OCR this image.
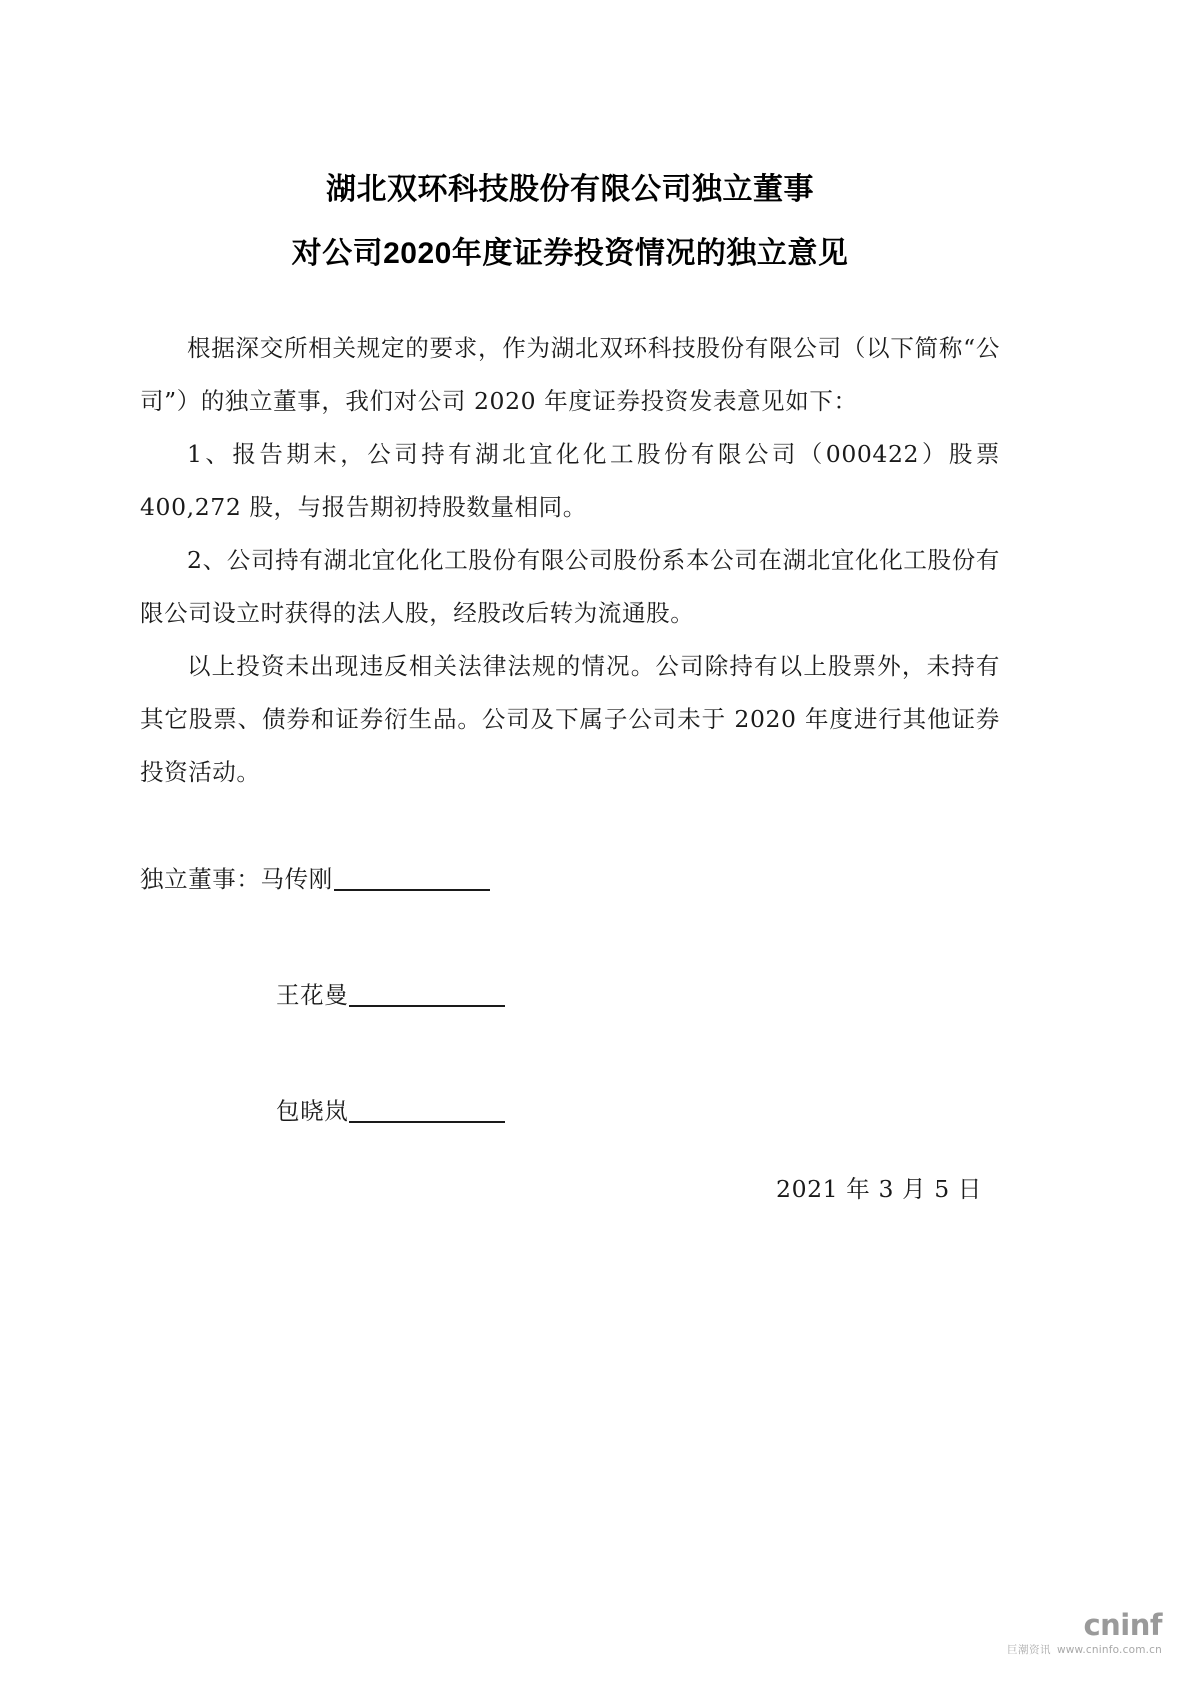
湖北双环科技股份有限公司独立董事
对公司2020年度证券投资情况的独立意见

根据深交所相关规定的要求，作为湖北双环科技股份有限公司（以下简称“公司”）的独立董事，我们对公司 2020 年度证券投资发表意见如下：

1、报告期末，公司持有湖北宜化化工股份有限公司（000422）股票400,272 股，与报告期初持股数量相同。

2、公司持有湖北宜化化工股份有限公司股份系本公司在湖北宜化化工股份有限公司设立时获得的法人股，经股改后转为流通股。

以上投资未出现违反相关法律法规的情况。公司除持有以上股票外，未持有其它股票、债券和证券衍生品。公司及下属子公司未于 2020 年度进行其他证券投资活动。

独立董事：马传刚
王花曼
包晓岚
2021 年 3 月 5 日
cninf
巨潮资讯 www.cninfo.com.cn
